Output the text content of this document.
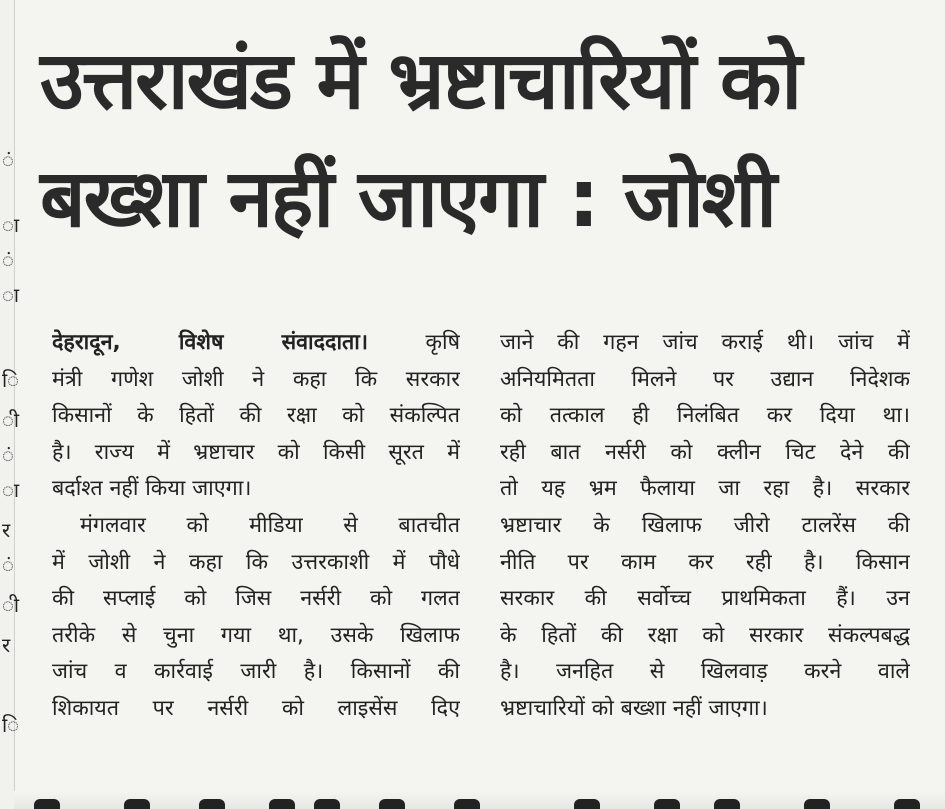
ं
ा
ं
ा
ि
ी
ं
ा
र
ं
ी
र
ि
उत्तराखंड में भ्रष्टाचारियों को
बख्शा नहीं जाएगा : जोशी
देहरादून, विशेष संवाददाता। कृषि
मंत्री गणेश जोशी ने कहा कि सरकार
किसानों के हितों की रक्षा को संकल्पित
है। राज्य में भ्रष्टाचार को किसी सूरत में
बर्दाश्त नहीं किया जाएगा।
मंगलवार को मीडिया से बातचीत
में जोशी ने कहा कि उत्तरकाशी में पौधे
की सप्लाई को जिस नर्सरी को गलत
तरीके से चुना गया था, उसके खिलाफ
जांच व कार्रवाई जारी है। किसानों की
शिकायत पर नर्सरी को लाइसेंस दिए
जाने की गहन जांच कराई थी। जांच में
अनियमितता मिलने पर उद्यान निदेशक
को तत्काल ही निलंबित कर दिया था।
रही बात नर्सरी को क्लीन चिट देने की
तो यह भ्रम फैलाया जा रहा है। सरकार
भ्रष्टाचार के खिलाफ जीरो टालरेंस की
नीति पर काम कर रही है। किसान
सरकार की सर्वोच्च प्राथमिकता हैं। उन
के हितों की रक्षा को सरकार संकल्पबद्ध
है। जनहित से खिलवाड़ करने वाले
भ्रष्टाचारियों को बख्शा नहीं जाएगा।
